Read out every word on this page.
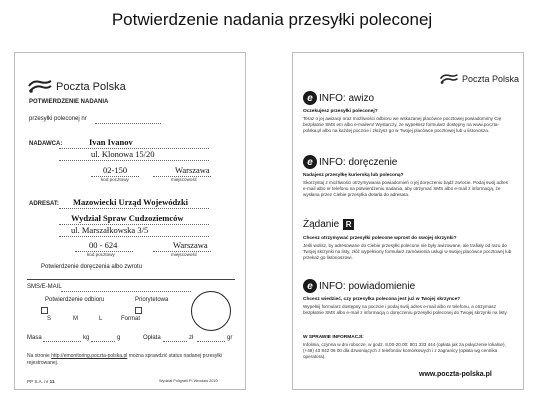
Potwierdzenie nadania przesyłki poleconej
Poczta Polska
POTWIERDZENIE NADANIA
przesyłki poleconej nr
NADAWCA:	Ivan Ivanov
ul. Klonowa 15/20
02-150	Warszawa
kod pocztowy	miejscowość
ADRESAT: Mazowiecki Urząd Wojewódzki
Wydział Spraw Cudzoziemców
ul. Marszałkowska 3/5
00 - 624	Warszawa
kod pocztowy	miejscowość
Potwierdzenie doręczenia albo zwrotu
SMS/E-MAIL
Potwierdzenie odbioru	Priorytetowa
S	M	L	Format
Masa	kg	g	Opłata	zł	gr
Na stronie http://emonitoring.poczta-polska.pl można sprawdzić status nadanej przesyłki rejestrowanej.
PP S.A. nr 11	Wydział Poligrafii PI Wrocław 2010
Poczta Polska
e INFO: awizo
Oczekujesz przesyłki poleconej?
Teraz o jej awizacji oraz możliwości odbioru we wskazanej placówce pocztowej powiadomimy Cię bezpłatnie SMS em albo e-mailem! Wystarczy, że wypełnisz formularz dostępny na www.poczta-polska.pl albo na każdej poczcie i złożysz go w Twojej placówce pocztowej lub u listonosza.
e INFO: doręczenie
Nadajesz przesyłkę kurierską lub poleconą?
Skorzystaj z możliwości otrzymywania powiadomień o jej doręczeniu bądź zwrocie. Podaj swój adres e-mail albo nr telefonu na potwierdzeniu nadania, aby otrzymać SMS albo e-mail z informacją, że wysłana przez Ciebie przesyłka dotarła do adresata.
Żądanie R
Chcesz otrzymywać przesyłki polecone wprost do swojej skrzynki?
Jeśli wolisz, by adresowane do Ciebie przesyłki polecone nie były awizowane, ale trafiały od razu do Twojej skrzynki na listy, złóż wypełniony formularz zamówienia usługi w swojej placówce pocztowej lub przekaż go listonoszowi.
e INFO: powiadomienie
Chcesz wiedzieć, czy przesyłka polecona jest już w Twojej skrzynce?
Wypełnij formularz dostępny na poczcie i podaj swój adres e-mail albo nr telefonu, a otrzymasz bezpłatnie SMS albo e-mail z informacją o doręczeniu przesyłki poleconej do Twojej skrzynki na listy.
W SPRAWIE INFORMACJI:
Infolinia, czynna w dni robocze, w godz. 8.00-20.00: 801 333 444 (opłata jak za połączenie lokalne), (+48) 43 842 06 00 dla dzwoniących z telefonów komórkowych i z zagranicy (opłata wg cennika operatora).
www.poczta-polska.pl
